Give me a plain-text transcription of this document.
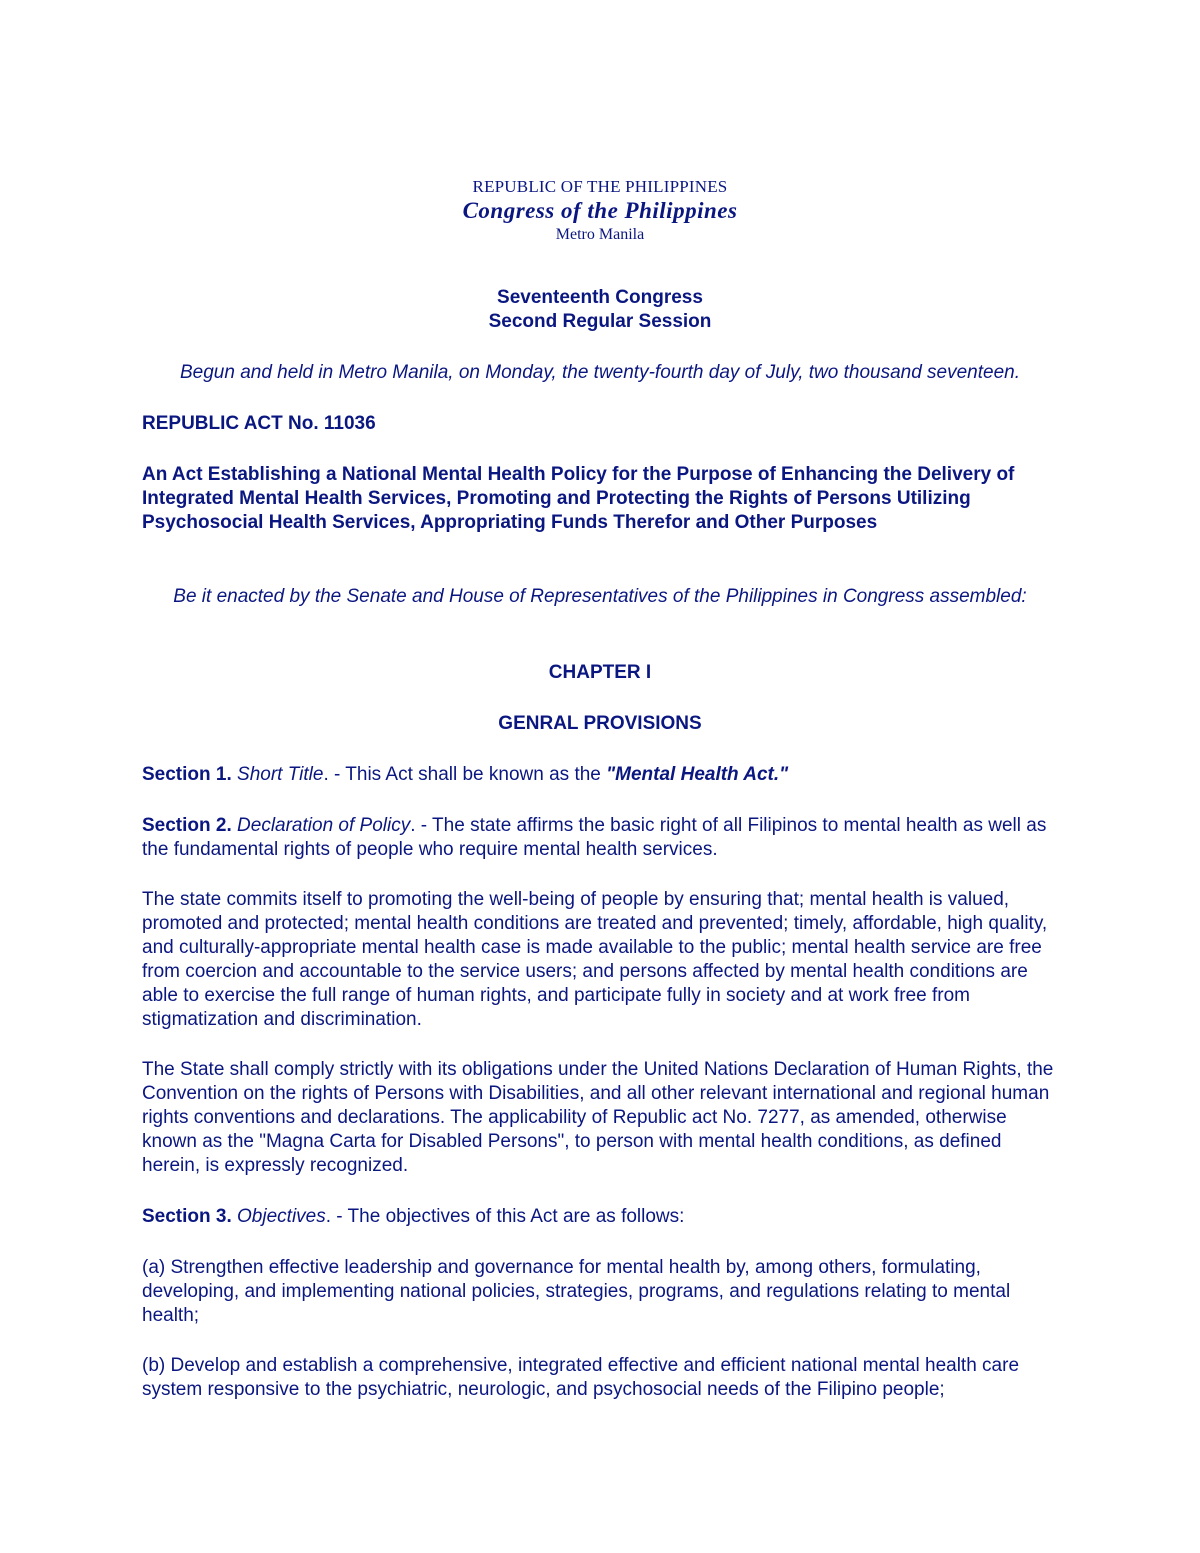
REPUBLIC OF THE PHILIPPINES
Congress of the Philippines
Metro Manila
Seventeenth Congress
Second Regular Session

Begun and held in Metro Manila, on Monday, the twenty-fourth day of July, two thousand seventeen.

REPUBLIC ACT No. 11036

An Act Establishing a National Mental Health Policy for the Purpose of Enhancing the Delivery of Integrated Mental Health Services, Promoting and Protecting the Rights of Persons Utilizing Psychosocial Health Services, Appropriating Funds Therefor and Other Purposes

Be it enacted by the Senate and House of Representatives of the Philippines in Congress assembled:

CHAPTER I
GENRAL PROVISIONS

Section 1. Short Title. - This Act shall be known as the "Mental Health Act."

Section 2. Declaration of Policy. - The state affirms the basic right of all Filipinos to mental health as well as the fundamental rights of people who require mental health services.

The state commits itself to promoting the well-being of people by ensuring that; mental health is valued, promoted and protected; mental health conditions are treated and prevented; timely, affordable, high quality, and culturally-appropriate mental health case is made available to the public; mental health service are free from coercion and accountable to the service users; and persons affected by mental health conditions are able to exercise the full range of human rights, and participate fully in society and at work free from stigmatization and discrimination.

The State shall comply strictly with its obligations under the United Nations Declaration of Human Rights, the Convention on the rights of Persons with Disabilities, and all other relevant international and regional human rights conventions and declarations. The applicability of Republic act No. 7277, as amended, otherwise known as the "Magna Carta for Disabled Persons", to person with mental health conditions, as defined herein, is expressly recognized.

Section 3. Objectives. - The objectives of this Act are as follows:

(a) Strengthen effective leadership and governance for mental health by, among others, formulating, developing, and implementing national policies, strategies, programs, and regulations relating to mental health;

(b) Develop and establish a comprehensive, integrated effective and efficient national mental health care system responsive to the psychiatric, neurologic, and psychosocial needs of the Filipino people;
